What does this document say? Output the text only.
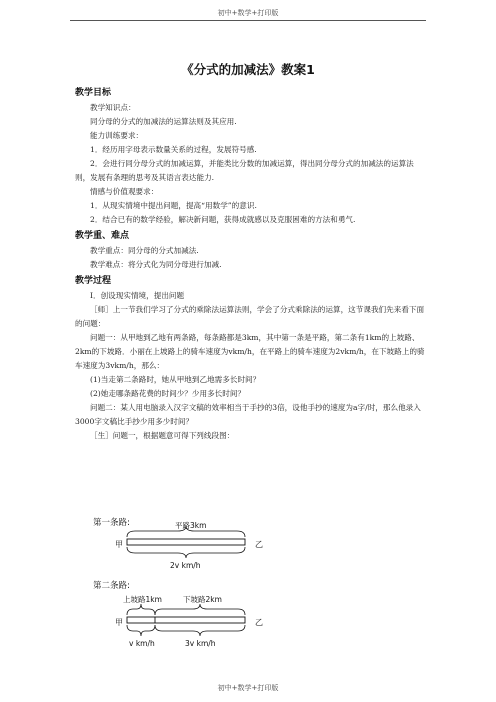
初中+数学+打印版
《分式的加减法》教案1

教学目标

教学知识点：

同分母的分式的加减法的运算法则及其应用.

能力训练要求：

1．经历用字母表示数量关系的过程，发展符号感.

2．会进行同分母分式的加减运算，并能类比分数的加减运算，得出同分母分式的加减法的运算法则，发展有条理的思考及其语言表达能力.

情感与价值观要求：

1．从现实情境中提出问题，提高“用数学”的意识.

2．结合已有的数学经验，解决新问题，获得成就感以及克服困难的方法和勇气.

教学重、难点

教学重点：同分母的分式加减法.

教学难点：将分式化为同分母进行加减.

教学过程

Ⅰ．创设现实情境，提出问题

［师］上一节我们学习了分式的乘除法运算法则，学会了分式乘除法的运算，这节课我们先来看下面的问题：

问题一：从甲地到乙地有两条路，每条路都是3km，其中第一条是平路，第二条有1km的上坡路、2km的下坡路．小丽在上坡路上的骑车速度为vkm/h，在平路上的骑车速度为2vkm/h，在下坡路上的骑车速度为3vkm/h，那么：

(1)当走第二条路时，她从甲地到乙地需多长时间？

(2)她走哪条路花费的时间少？少用多长时间？

问题二：某人用电脑录入汉字文稿的效率相当于手抄的3倍，设他手抄的速度为a字/时，那么他录入3000字文稿比手抄少用多少时间？

［生］问题一，根据题意可得下列线段图：

第一条路:
甲	乙
平路3km
2v km/h
第二条路:
甲	乙
上坡路1km	下坡路2km
v km/h	3v km/h
初中+数学+打印版
